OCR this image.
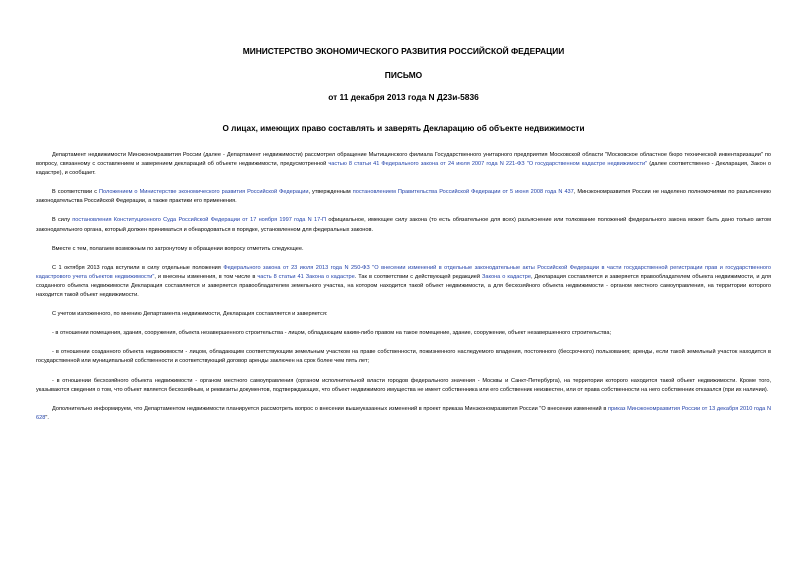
МИНИСТЕРСТВО ЭКОНОМИЧЕСКОГО РАЗВИТИЯ РОССИЙСКОЙ ФЕДЕРАЦИИ
ПИСЬМО
от 11 декабря 2013 года N Д23и-5836
О лицах, имеющих право составлять и заверять Декларацию об объекте недвижимости

Департамент недвижимости Минэкономразвития России (далее - Департамент недвижимости) рассмотрел обращение Мытищинского филиала Государственного унитарного предприятия Московской области "Московское областное бюро технической инвентаризации" по вопросу, связанному с составлением и заверением деклараций об объекте недвижимости, предусмотренной частью 8 статьи 41 Федерального закона от 24 июля 2007 года N 221-ФЗ "О государственном кадастре недвижимости" (далее соответственно - Декларация, Закон о кадастре), и сообщает.

В соответствии с Положением о Министерстве экономического развития Российской Федерации, утвержденным постановлением Правительства Российской Федерации от 5 июня 2008 года N 437, Минэкономразвития России не наделено полномочиями по разъяснению законодательства Российской Федерации, а также практики его применения.

В силу постановления Конституционного Суда Российской Федерации от 17 ноября 1997 года N 17-П официальное, имеющее силу закона (то есть обязательное для всех) разъяснение или толкование положений федерального закона может быть дано только актом законодательного органа, который должен приниматься и обнародоваться в порядке, установленном для федеральных законов.

Вместе с тем, полагаем возможным по затронутому в обращении вопросу отметить следующее.

С 1 октября 2013 года вступили в силу отдельные положения Федерального закона от 23 июля 2013 года N 250-ФЗ "О внесении изменений в отдельные законодательные акты Российской Федерации в части государственной регистрации прав и государственного кадастрового учета объектов недвижимости", и внесены изменения, в том числе в часть 8 статьи 41 Закона о кадастре. Так в соответствии с действующей редакцией Закона о кадастре, Декларация составляется и заверяется правообладателем объекта недвижимости, и для созданного объекта недвижимости Декларация составляется и заверяется правообладателем земельного участка, на котором находится такой объект недвижимости, а для бесхозяйного объекта недвижимости - органом местного самоуправления, на территории которого находится такой объект недвижимости.

С учетом изложенного, по мнению Департамента недвижимости, Декларация составляется и заверяется:

- в отношении помещения, здания, сооружения, объекта незавершенного строительства - лицом, обладающим каким-либо правом на такое помещение, здание, сооружение, объект незавершенного строительства;

- в отношении созданного объекта недвижимости - лицом, обладающим соответствующим земельным участком на праве собственности, пожизненного наследуемого владения, постоянного (бессрочного) пользования; аренды, если такой земельный участок находится в государственной или муниципальной собственности и соответствующий договор аренды заключен на срок более чем пять лет;

- в отношении бесхозяйного объекта недвижимости - органом местного самоуправления (органом исполнительной власти городов федерального значения - Москвы и Санкт-Петербурга), на территории которого находится такой объект недвижимости. Кроме того, указываются сведения о том, что объект является бесхозяйным, и реквизиты документов, подтверждающих, что объект недвижимого имущества не имеет собственника или его собственник неизвестен, или от права собственности на него собственник отказался (при их наличии).

Дополнительно информируем, что Департаментом недвижимости планируется рассмотреть вопрос о внесении вышеуказанных изменений в проект приказа Минэкономразвития России "О внесении изменений в приказ Минэкономразвития России от 13 декабря 2010 года N 628".
